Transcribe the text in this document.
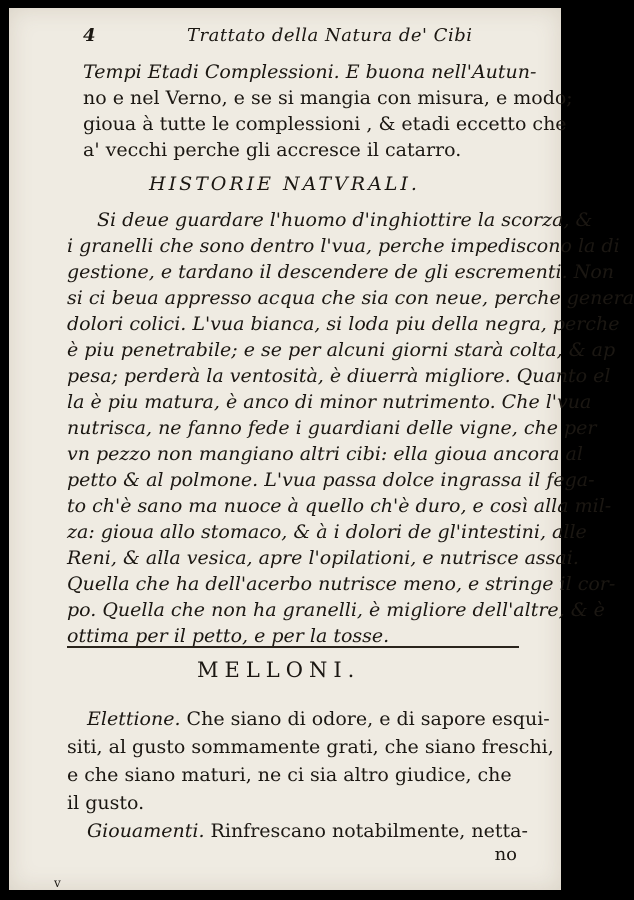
4	Trattato della Natura de' Cibi
Tempi Etadi Complessioni. E buona nell'Autun-
no e nel Verno, e se si mangia con misura, e modo;
gioua à tutte le complessioni , & etadi eccetto che
a' vecchi perche gli accresce il catarro.
HISTORIE NATVRALI.
Si deue guardare l'huomo d'inghiottire la scorza, &
i granelli che sono dentro l'vua, perche impediscono la di
gestione, e tardano il descendere de gli escrementi. Non
si ci beua appresso acqua che sia con neue, perche genera
dolori colici. L'vua bianca, si loda piu della negra, perche
è piu penetrabile; e se per alcuni giorni starà colta, & ap
pesa; perderà la ventosità, è diuerrà migliore. Quanto el
la è piu matura, è anco di minor nutrimento. Che l'vua
nutrisca, ne fanno fede i guardiani delle vigne, che per
vn pezzo non mangiano altri cibi: ella gioua ancora al
petto & al polmone. L'vua passa dolce ingrassa il fega-
to ch'è sano ma nuoce à quello ch'è duro, e così alla mil-
za: gioua allo stomaco, & à i dolori de gl'intestini, alle
Reni, & alla vesica, apre l'opilationi, e nutrisce assai.
Quella che ha dell'acerbo nutrisce meno, e stringe il cor-
po. Quella che non ha granelli, è migliore dell'altre, & è
ottima per il petto, e per la tosse.
MELLONI.
Elettione. Che siano di odore, e di sapore esqui-
siti, al gusto sommamente grati, che siano freschi,
e che siano maturi, ne ci sia altro giudice, che
il gusto.
Giouamenti. Rinfrescano notabilmente, netta-
no
v
